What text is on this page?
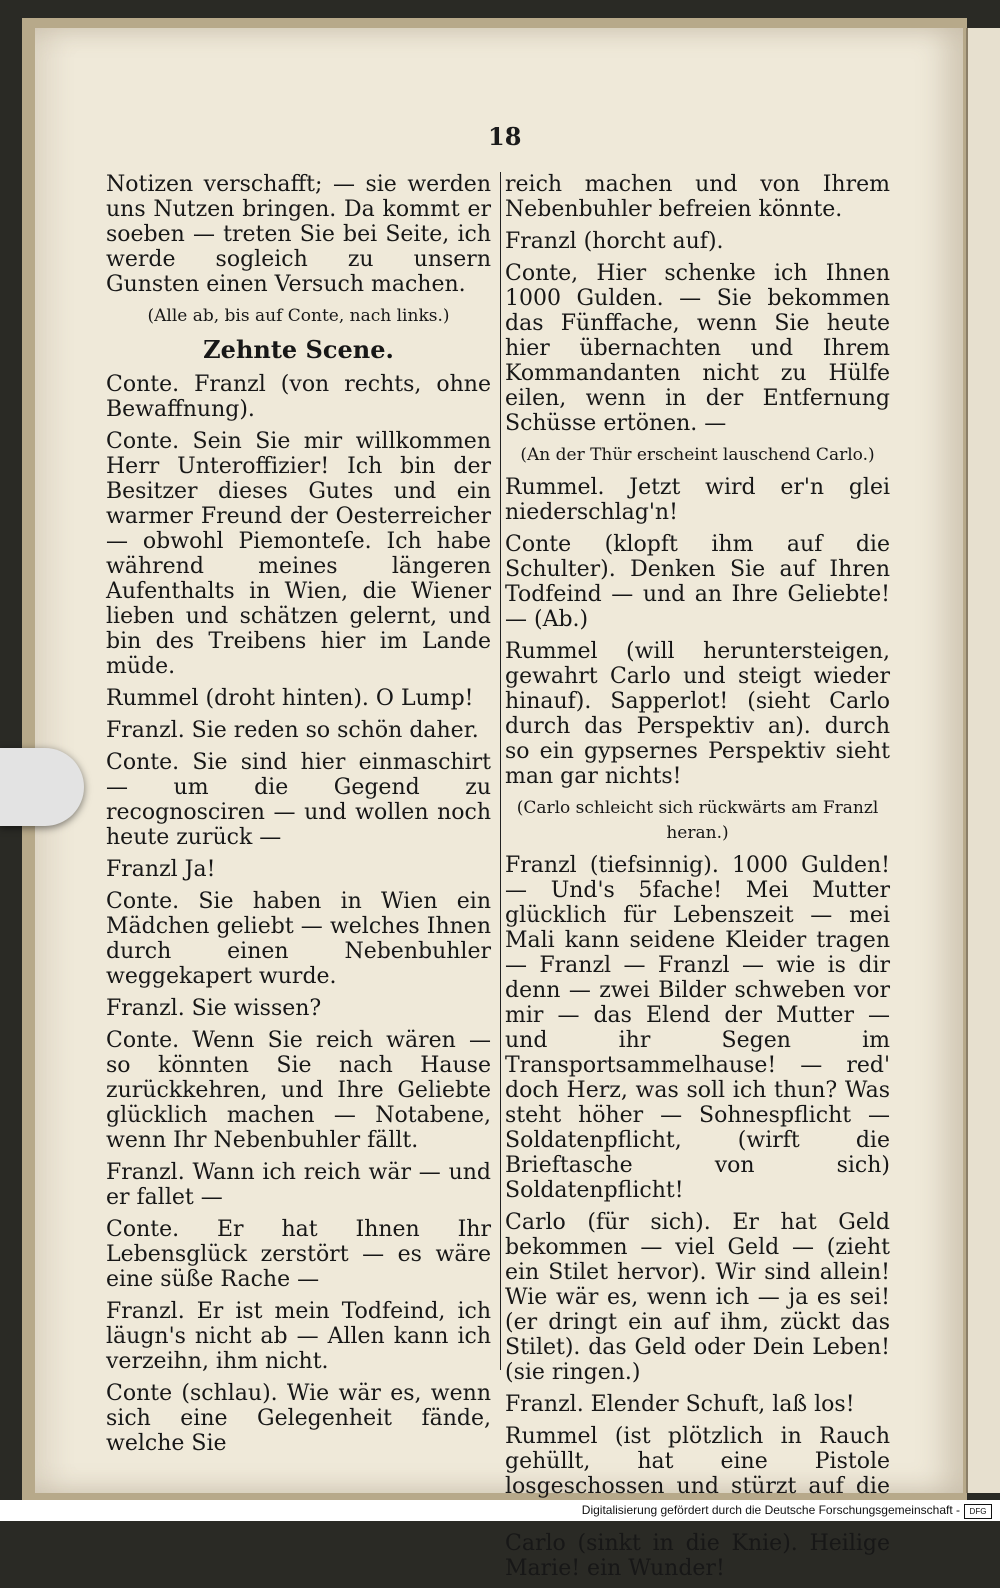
18

Notizen verschafft; — sie werden uns Nutzen bringen. Da kommt er soeben — treten Sie bei Seite, ich werde sogleich zu unsern Gunsten einen Versuch machen.

(Alle ab, bis auf Conte, nach links.)

Zehnte Scene.

Conte. Franzl (von rechts, ohne Bewaffnung).

Conte. Sein Sie mir willkommen Herr Unteroffizier! Ich bin der Besitzer dieses Gutes und ein warmer Freund der Oesterreicher — obwohl Piemonteſe. Ich habe während meines längeren Aufenthalts in Wien, die Wiener lieben und schätzen gelernt, und bin des Treibens hier im Lande müde.

Rummel (droht hinten). O Lump!

Franzl. Sie reden so schön daher.

Conte. Sie sind hier einmaschirt — um die Gegend zu recognosciren — und wollen noch heute zurück —

Franzl Ja!

Conte. Sie haben in Wien ein Mädchen geliebt — welches Ihnen durch einen Nebenbuhler weggekapert wurde.

Franzl. Sie wissen?

Conte. Wenn Sie reich wären — so könnten Sie nach Hause zurückkehren, und Ihre Geliebte glücklich machen — Notabene, wenn Ihr Nebenbuhler fällt.

Franzl. Wann ich reich wär — und er fallet —

Conte. Er hat Ihnen Ihr Lebensglück zerstört — es wäre eine süße Rache —

Franzl. Er ist mein Todfeind, ich läugn's nicht ab — Allen kann ich verzeihn, ihm nicht.

Conte (schlau). Wie wär es, wenn sich eine Gelegenheit fände, welche Sie

reich machen und von Ihrem Nebenbuhler befreien könnte.

Franzl (horcht auf).

Conte, Hier schenke ich Ihnen 1000 Gulden. — Sie bekommen das Fünffache, wenn Sie heute hier übernachten und Ihrem Kommandanten nicht zu Hülfe eilen, wenn in der Entfernung Schüsse ertönen. —

(An der Thür erscheint lauschend Carlo.)

Rummel. Jetzt wird er'n glei niederschlag'n!

Conte (klopft ihm auf die Schulter). Denken Sie auf Ihren Todfeind — und an Ihre Geliebte! — (Ab.)

Rummel (will heruntersteigen, gewahrt Carlo und steigt wieder hinauf). Sapperlot! (sieht Carlo durch das Perspektiv an). durch so ein gypsernes Perspektiv sieht man gar nichts!

(Carlo schleicht sich rückwärts am Franzl heran.)

Franzl (tiefsinnig). 1000 Gulden! — Und's 5fache! Mei Mutter glücklich für Lebenszeit — mei Mali kann seidene Kleider tragen — Franzl — Franzl — wie is dir denn — zwei Bilder schweben vor mir — das Elend der Mutter — und ihr Segen im Transportsammelhause! — red' doch Herz, was soll ich thun? Was steht höher — Sohnespflicht — Soldatenpflicht, (wirft die Brieftasche von sich) Soldatenpflicht!

Carlo (für sich). Er hat Geld bekommen — viel Geld — (zieht ein Stilet hervor). Wir sind allein! Wie wär es, wenn ich — ja es sei! (er dringt ein auf ihm, zückt das Stilet). das Geld oder Dein Leben! (sie ringen.)

Franzl. Elender Schuft, laß los!

Rummel (ist plötzlich in Rauch gehüllt, hat eine Pistole losgeschossen und stürzt auf die

Carlo (sinkt in die Knie). Heilige Marie! ein Wunder!

Digitalisierung gefördert durch die Deutsche Forschungsgemeinschaft -	DFG
